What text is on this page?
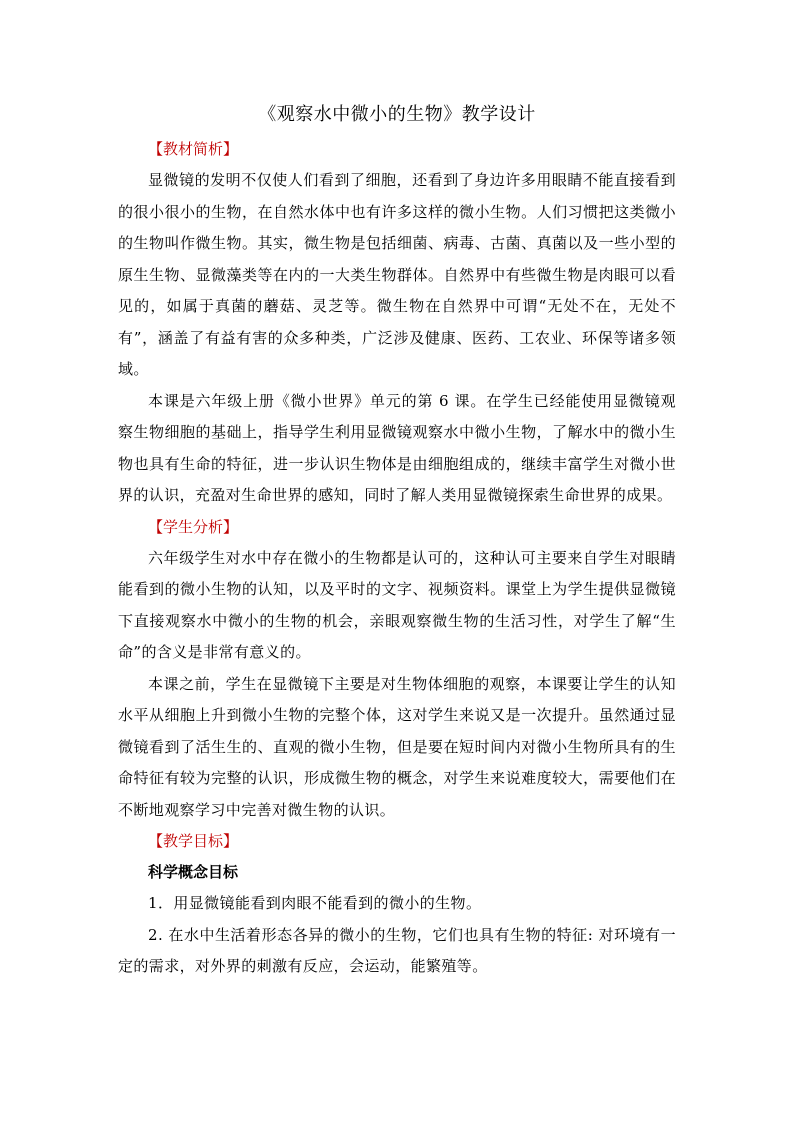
《观察水中微小的生物》教学设计

【教材简析】

显微镜的发明不仅使人们看到了细胞，还看到了身边许多用眼睛不能直接看到的很小很小的生物，在自然水体中也有许多这样的微小生物。人们习惯把这类微小的生物叫作微生物。其实，微生物是包括细菌、病毒、古菌、真菌以及一些小型的原生生物、显微藻类等在内的一大类生物群体。自然界中有些微生物是肉眼可以看见的，如属于真菌的蘑菇、灵芝等。微生物在自然界中可谓“无处不在，无处不有”，涵盖了有益有害的众多种类，广泛涉及健康、医药、工农业、环保等诸多领域。

本课是六年级上册《微小世界》单元的第 6 课。在学生已经能使用显微镜观察生物细胞的基础上，指导学生利用显微镜观察水中微小生物，了解水中的微小生物也具有生命的特征，进一步认识生物体是由细胞组成的，继续丰富学生对微小世界的认识，充盈对生命世界的感知，同时了解人类用显微镜探索生命世界的成果。

【学生分析】

六年级学生对水中存在微小的生物都是认可的，这种认可主要来自学生对眼睛能看到的微小生物的认知，以及平时的文字、视频资料。课堂上为学生提供显微镜下直接观察水中微小的生物的机会，亲眼观察微生物的生活习性，对学生了解“生命”的含义是非常有意义的。

本课之前，学生在显微镜下主要是对生物体细胞的观察，本课要让学生的认知水平从细胞上升到微小生物的完整个体，这对学生来说又是一次提升。虽然通过显微镜看到了活生生的、直观的微小生物，但是要在短时间内对微小生物所具有的生命特征有较为完整的认识，形成微生物的概念，对学生来说难度较大，需要他们在不断地观察学习中完善对微生物的认识。

【教学目标】

科学概念目标

1．用显微镜能看到肉眼不能看到的微小的生物。

2. 在水中生活着形态各异的微小的生物，它们也具有生物的特征: 对环境有一定的需求，对外界的刺激有反应，会运动，能繁殖等。
